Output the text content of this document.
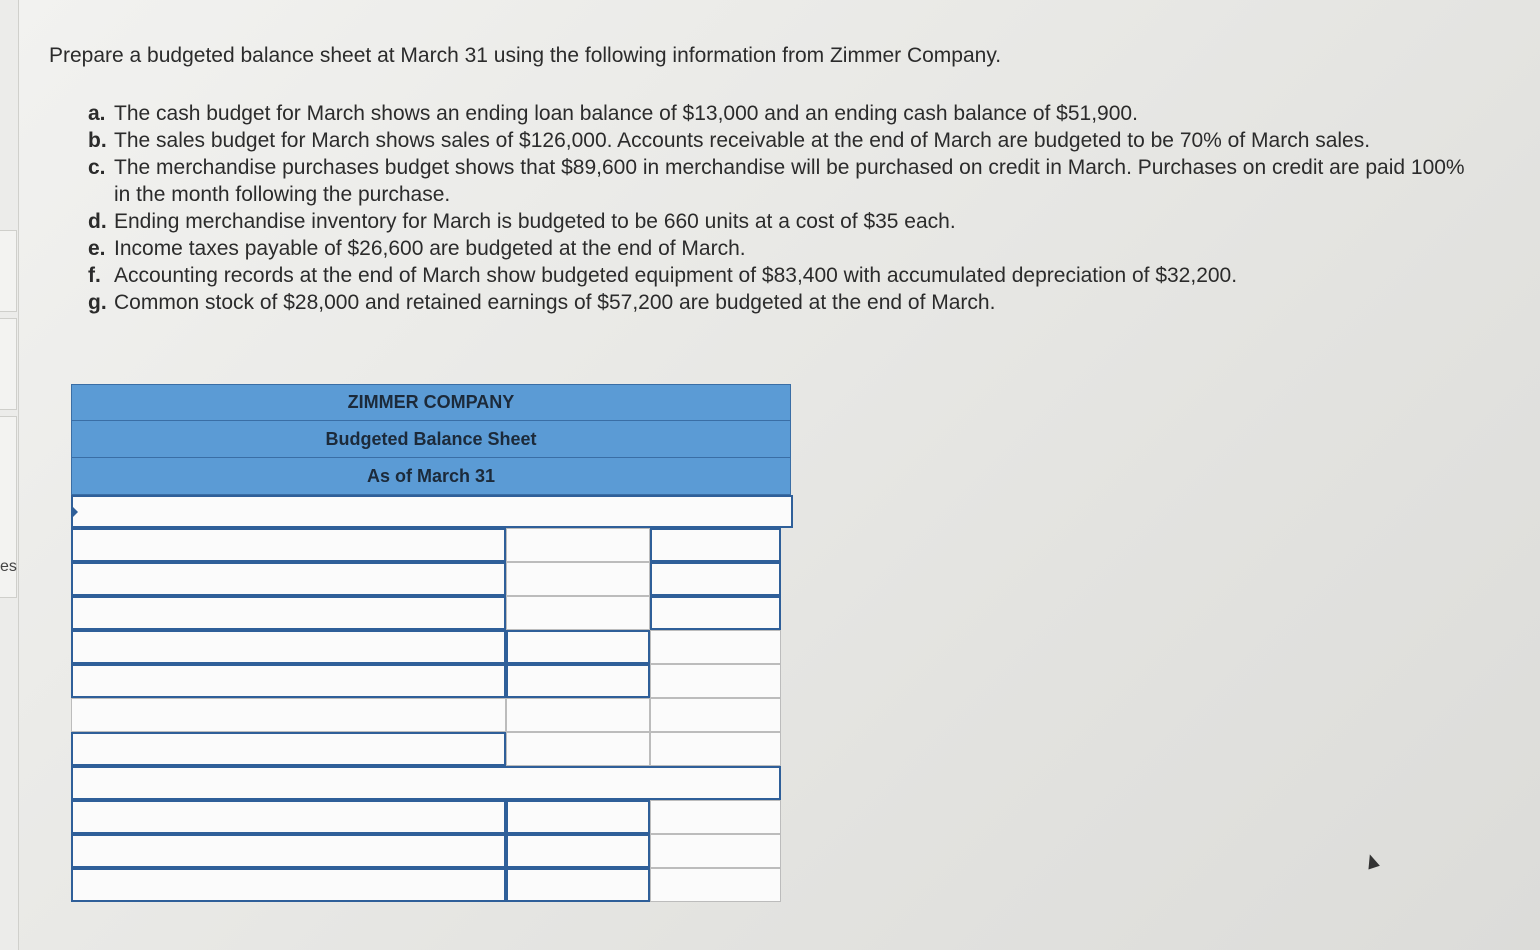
es
Prepare a budgeted balance sheet at March 31 using the following information from Zimmer Company.
a. The cash budget for March shows an ending loan balance of $13,000 and an ending cash balance of $51,900.
b. The sales budget for March shows sales of $126,000. Accounts receivable at the end of March are budgeted to be 70% of March sales.
c. The merchandise purchases budget shows that $89,600 in merchandise will be purchased on credit in March. Purchases on credit are paid 100% in the month following the purchase.
d. Ending merchandise inventory for March is budgeted to be 660 units at a cost of $35 each.
e. Income taxes payable of $26,600 are budgeted at the end of March.
f. Accounting records at the end of March show budgeted equipment of $83,400 with accumulated depreciation of $32,200.
g. Common stock of $28,000 and retained earnings of $57,200 are budgeted at the end of March.
ZIMMER COMPANY
Budgeted Balance Sheet
As of March 31
